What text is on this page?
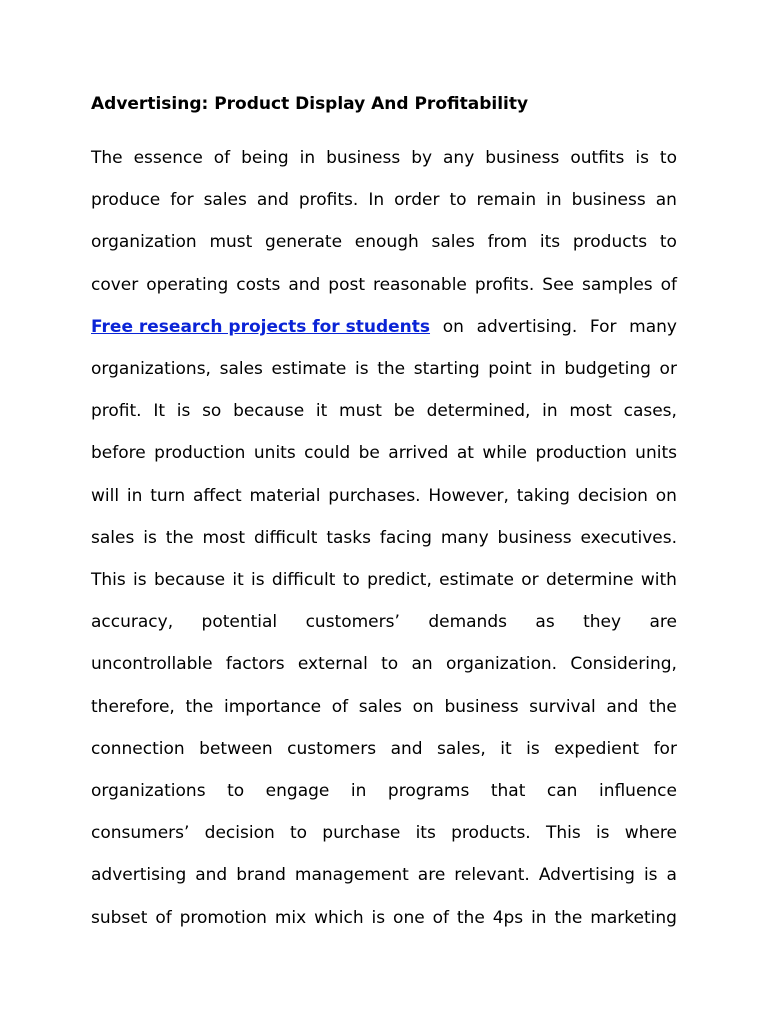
Advertising: Product Display And Profitability
The essence of being in business by any business outfits is to
produce for sales and profits. In order to remain in business an
organization must generate enough sales from its products to
cover operating costs and post reasonable profits. See samples of
Free research projects for students on advertising. For many
organizations, sales estimate is the starting point in budgeting or
profit. It is so because it must be determined, in most cases,
before production units could be arrived at while production units
will in turn affect material purchases. However, taking decision on
sales is the most difficult tasks facing many business executives.
This is because it is difficult to predict, estimate or determine with
accuracy, potential customers’ demands as they are
uncontrollable factors external to an organization. Considering,
therefore, the importance of sales on business survival and the
connection between customers and sales, it is expedient for
organizations to engage in programs that can influence
consumers’ decision to purchase its products. This is where
advertising and brand management are relevant. Advertising is a
subset of promotion mix which is one of the 4ps in the marketing
